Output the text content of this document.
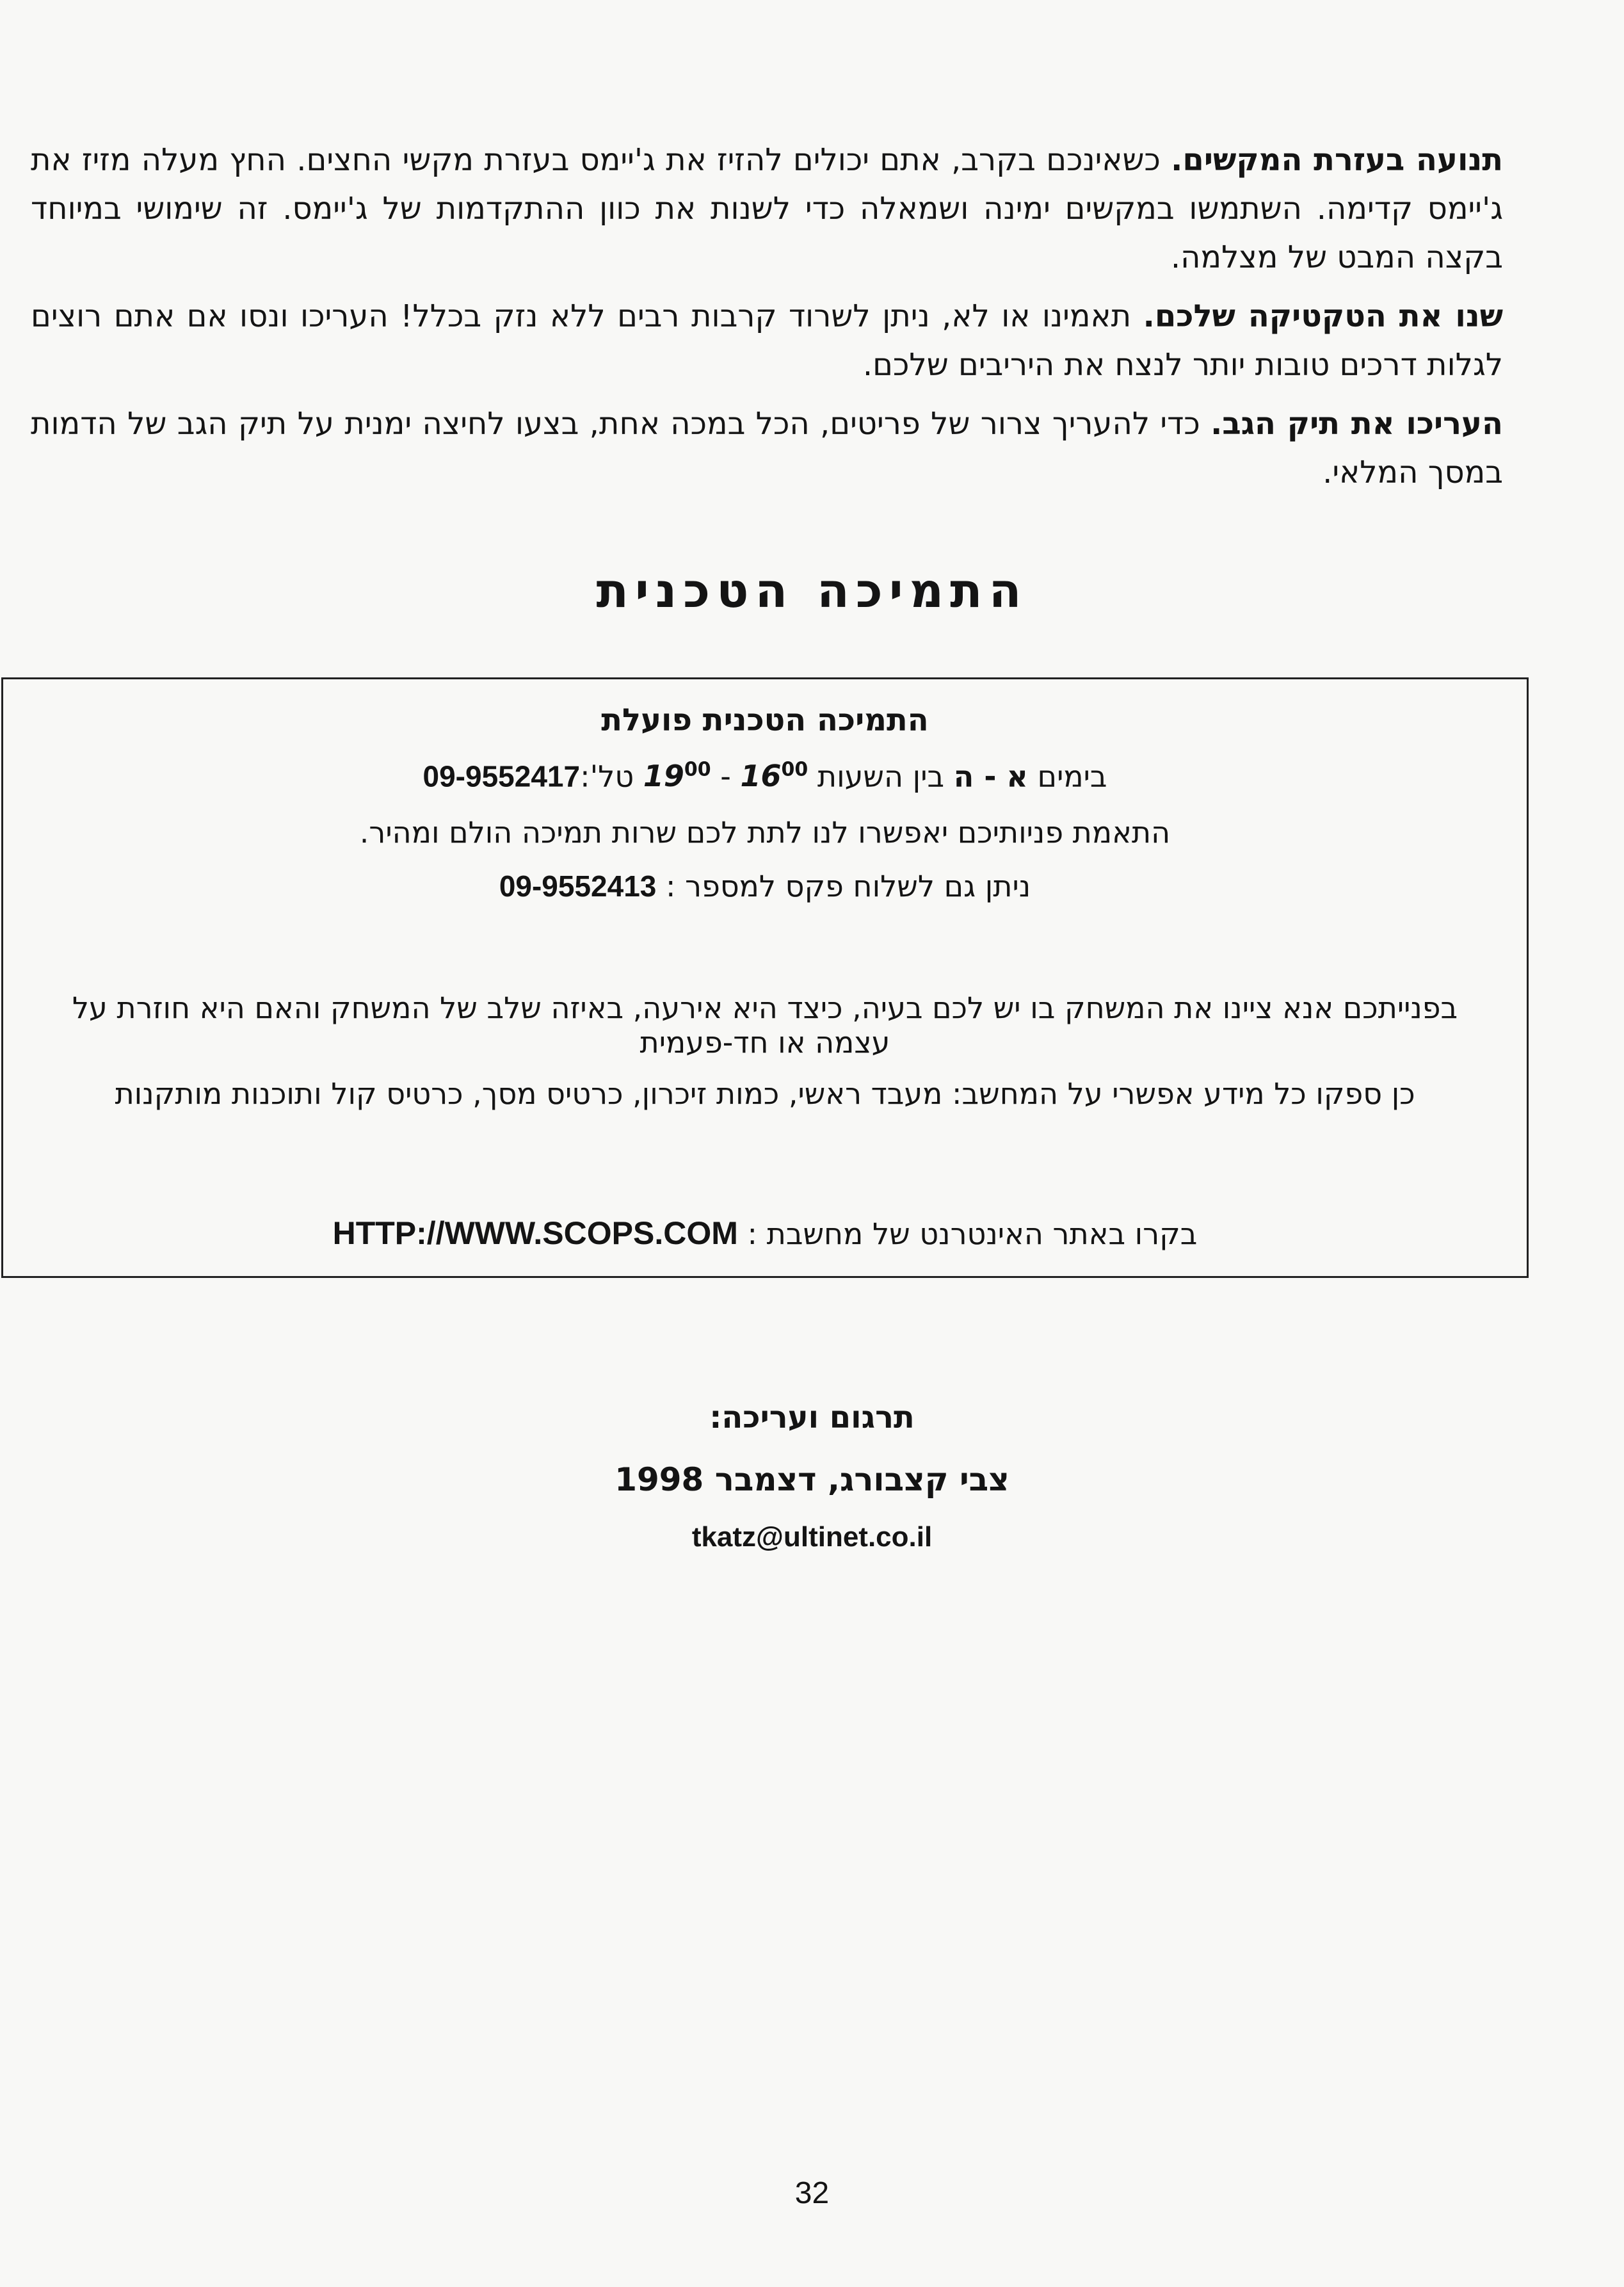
תנועה בעזרת המקשים. כשאינכם בקרב, אתם יכולים להזיז את ג'יימס בעזרת מקשי החצים. החץ מעלה מזיז את ג'יימס קדימה. השתמשו במקשים ימינה ושמאלה כדי לשנות את כוון ההתקדמות של ג'יימס. זה שימושי במיוחד בקצה המבט של מצלמה.

שנו את הטקטיקה שלכם. תאמינו או לא, ניתן לשרוד קרבות רבים ללא נזק בכלל! העריכו ונסו אם אתם רוצים לגלות דרכים טובות יותר לנצח את היריבים שלכם.

העריכו את תיק הגב. כדי להעריך צרור של פריטים, הכל במכה אחת, בצעו לחיצה ימנית על תיק הגב של הדמות במסך המלאי.

התמיכה הטכנית
התמיכה הטכנית פועלת
בימים א - ה בין השעות $16^{00} - 19^{00}$ טל':09-9552417
התאמת פניותיכם יאפשרו לנו לתת לכם שרות תמיכה הולם ומהיר.
ניתן גם לשלוח פקס למספר : 09-9552413
בפנייתכם אנא ציינו את המשחק בו יש לכם בעיה, כיצד היא אירעה, באיזה שלב של המשחק והאם היא חוזרת על עצמה או חד-פעמית
כן ספקו כל מידע אפשרי על המחשב: מעבד ראשי, כמות זיכרון, כרטיס מסך, כרטיס קול ותוכנות מותקנות
בקרו באתר האינטרנט של מחשבת : HTTP://WWW.SCOPS.COM
תרגום ועריכה:
צבי קצבורג, דצמבר 1998
tkatz@ultinet.co.il
32
